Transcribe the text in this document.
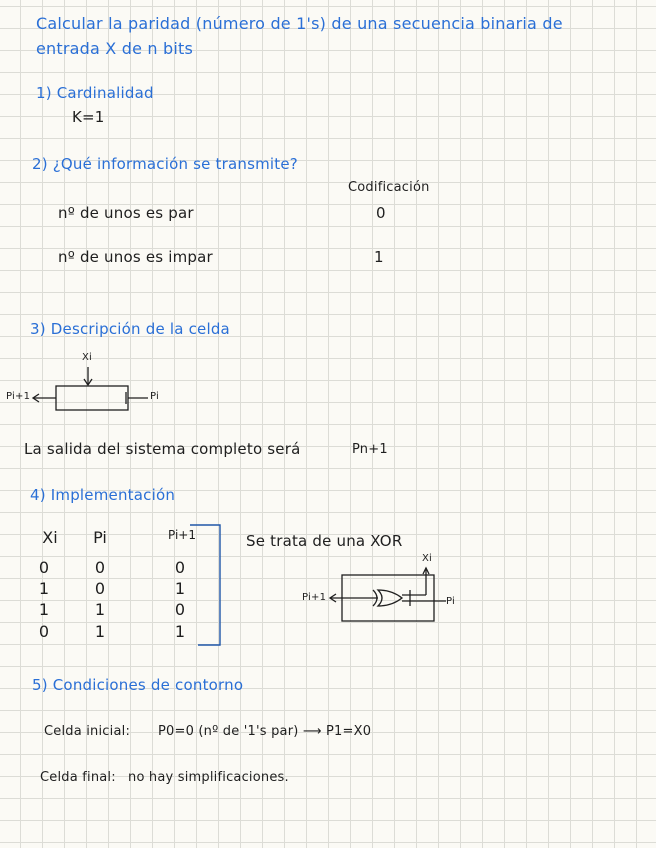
Calcular la paridad (número de 1's) de una secuencia binaria de
entrada X de n bits
1) Cardinalidad
K=1
2) ¿Qué información se transmite?
Codificación
nº de unos es par	0
nº de unos es impar	1
3) Descripción de la celda
Xi
Pi+1	Pi
La salida del sistema completo será	Pn+1
4) Implementación
Xi	Pi	Pi+1
0	0	0
1	0	1
1	1	0
0	1	1
Se trata de una XOR
Xi
Pi+1	Pi
5) Condiciones de contorno
Celda inicial: P0=0 (nº de '1's par) ⟶ P1=X0
Celda final: no hay simplificaciones.
